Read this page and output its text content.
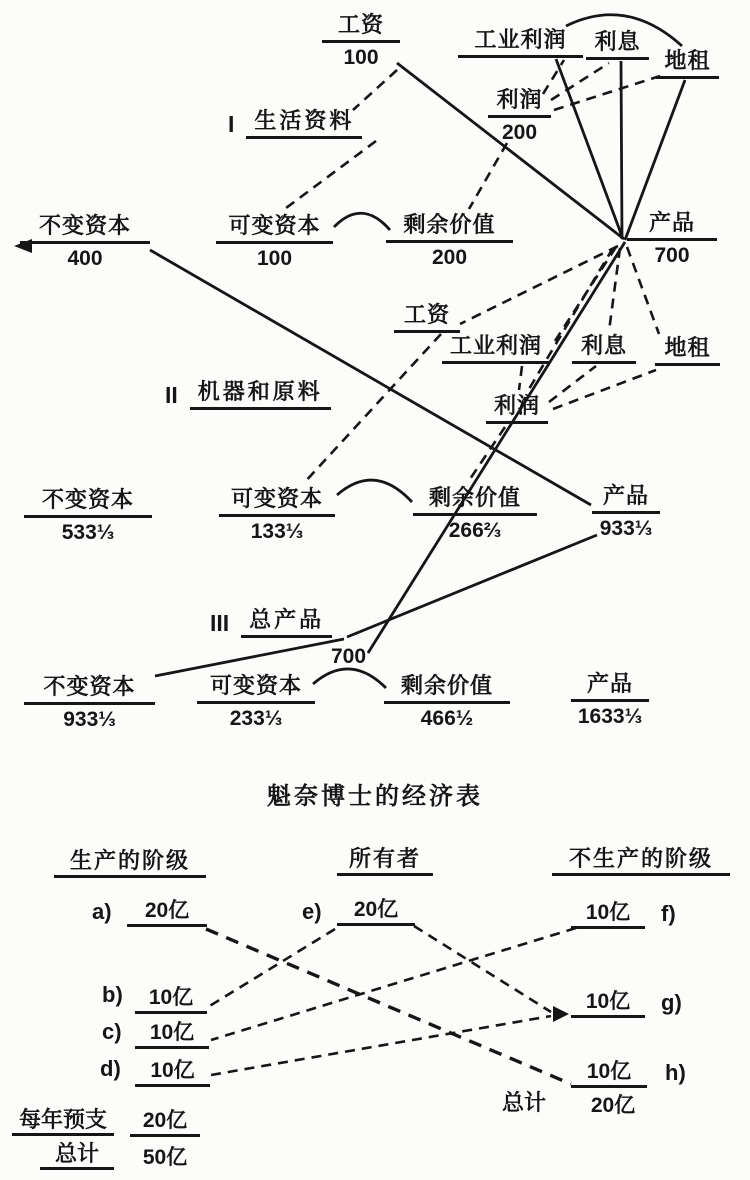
工资
100
工业利润	利息
地租
利润
200
I 生活资料
不变资本
400
可变资本
100
剩余价值
200
产品
700
工资
工业利润	利息	地租
利润
II 机器和原料
不变资本
533⅓
可变资本
133⅓
剩余价值
266⅔
产品
933⅓
III 总产品
700
不变资本
933⅓
可变资本
233⅓
剩余价值
466½
产品
1633⅓
魁奈博士的经济表
生产的阶级	所有者	不生产的阶级
a)	20亿	e)	20亿	10亿	f)
b)	10亿
c)	10亿
d)	10亿
10亿	g)
10亿	h)
总计	20亿
每年预支	20亿
总计	50亿
